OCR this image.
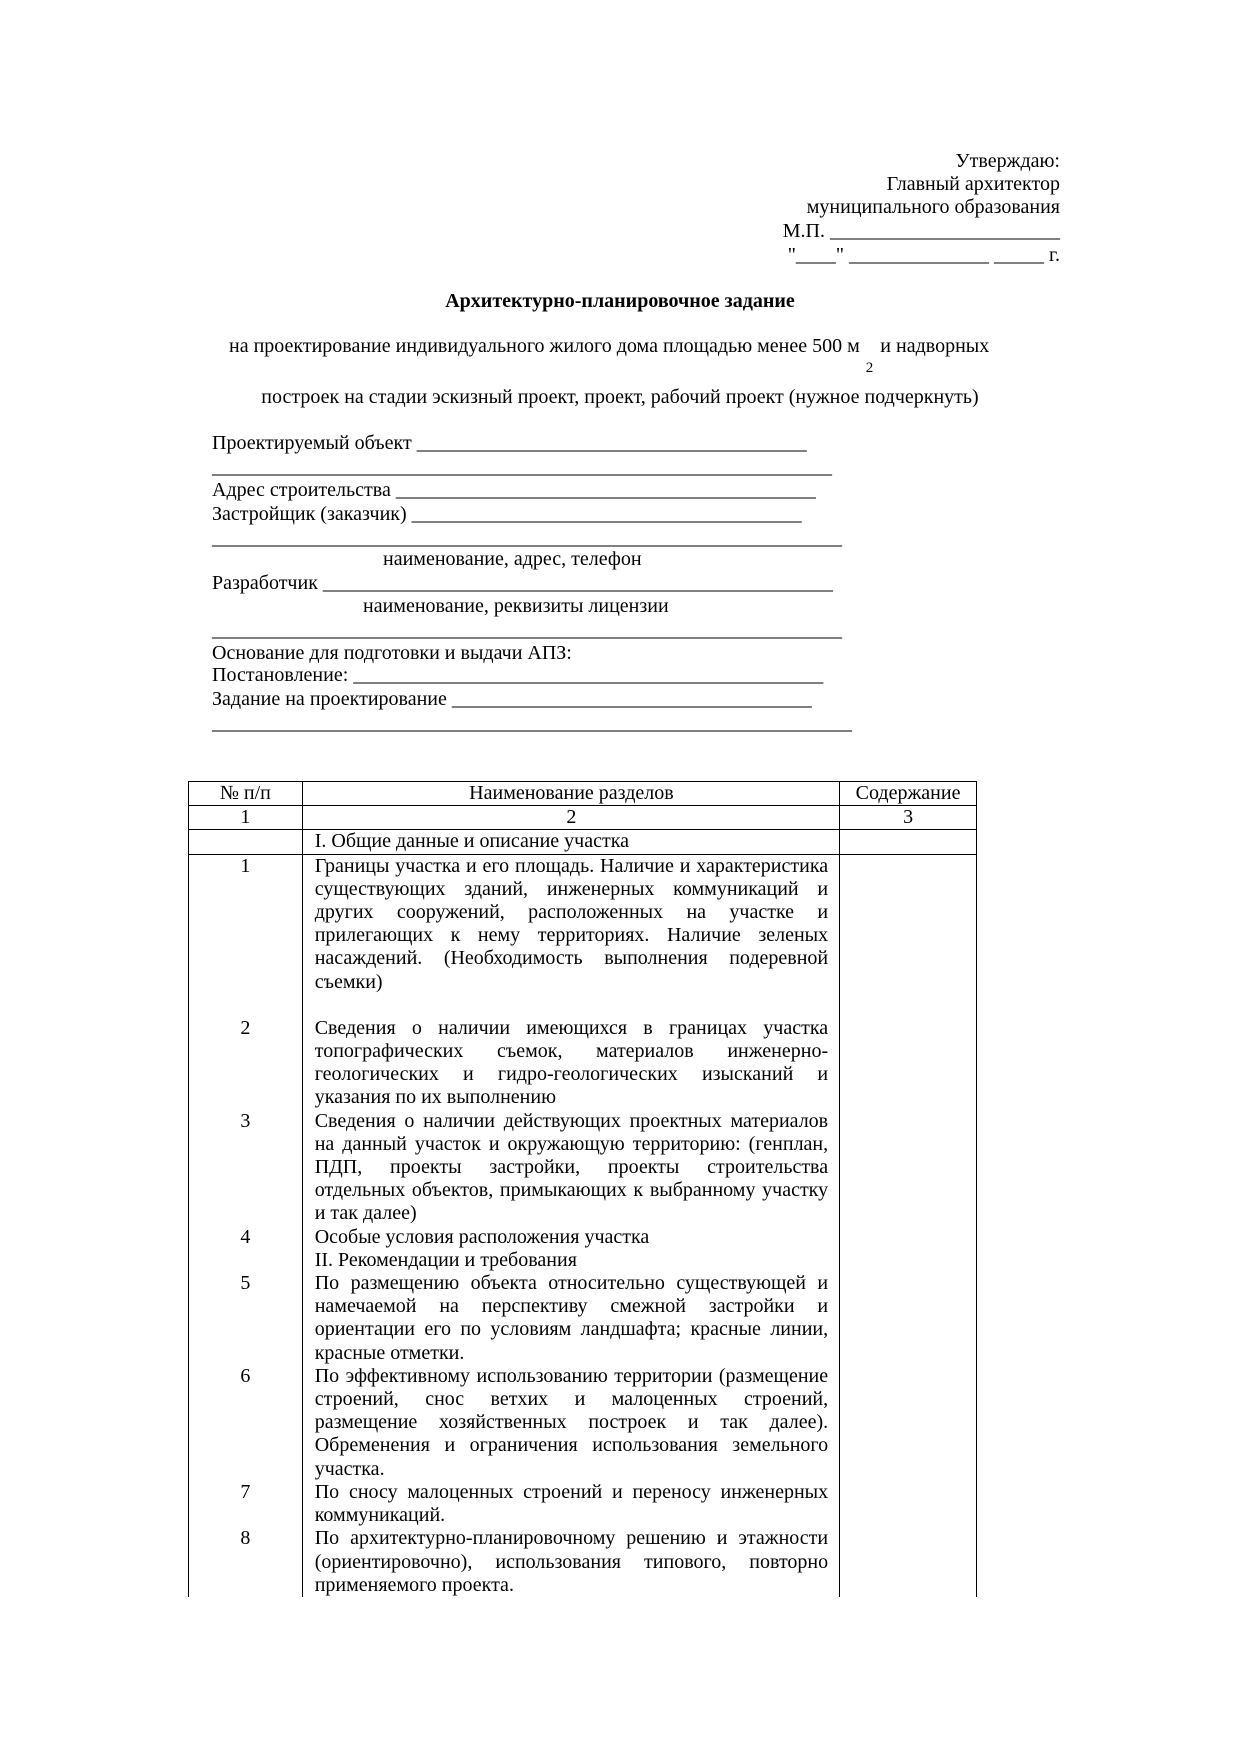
Утверждаю:
Главный архитектор
муниципального образования
М.П. _______________________
"____" ______________ _____ г.
Архитектурно-планировочное задание
на проектирование индивидуального жилого дома площадью менее 500 $м_2и$ надворных
построек на стадии эскизный проект, проект, рабочий проект (нужное подчеркнуть)
Проектируемый объект _______________________________________
______________________________________________________________
Адрес строительства __________________________________________
Застройщик (заказчик) _______________________________________
_______________________________________________________________
наименование, адрес, телефон
Разработчик ___________________________________________________
наименование, реквизиты лицензии
_______________________________________________________________
Основание для подготовки и выдачи АПЗ:
Постановление: _______________________________________________
Задание на проектирование ____________________________________
________________________________________________________________
№ п/п	Наименование разделов	Содержание
1	2	3
	I. Общие данные и описание участка	
1	Границы участка и его площадь. Наличие и характеристика существующих зданий, инженерных коммуникаций и других сооружений, расположенных на участке и прилегающих к нему территориях. Наличие зеленых насаждений. (Необходимость выполнения подеревной съемки)	
2	Сведения о наличии имеющихся в границах участка топографических съемок, материалов инженерно-геологических и гидро-геологических изысканий и указания по их выполнению	
3	Сведения о наличии действующих проектных материалов на данный участок и окружающую территорию: (генплан, ПДП, проекты застройки, проекты строительства отдельных объектов, примыкающих к выбранному участку и так далее)	
4	Особые условия расположения участка	
	II. Рекомендации и требования	
5	По размещению объекта относительно существующей и намечаемой на перспективу смежной застройки и ориентации его по условиям ландшафта; красные линии, красные отметки.	
6	По эффективному использованию территории (размещение строений, снос ветхих и малоценных строений, размещение хозяйственных построек и так далее). Обременения и ограничения использования земельного участка.	
7	По сносу малоценных строений и переносу инженерных коммуникаций.	
8	По архитектурно-планировочному решению и этажности (ориентировочно), использования типового, повторно применяемого проекта.	
